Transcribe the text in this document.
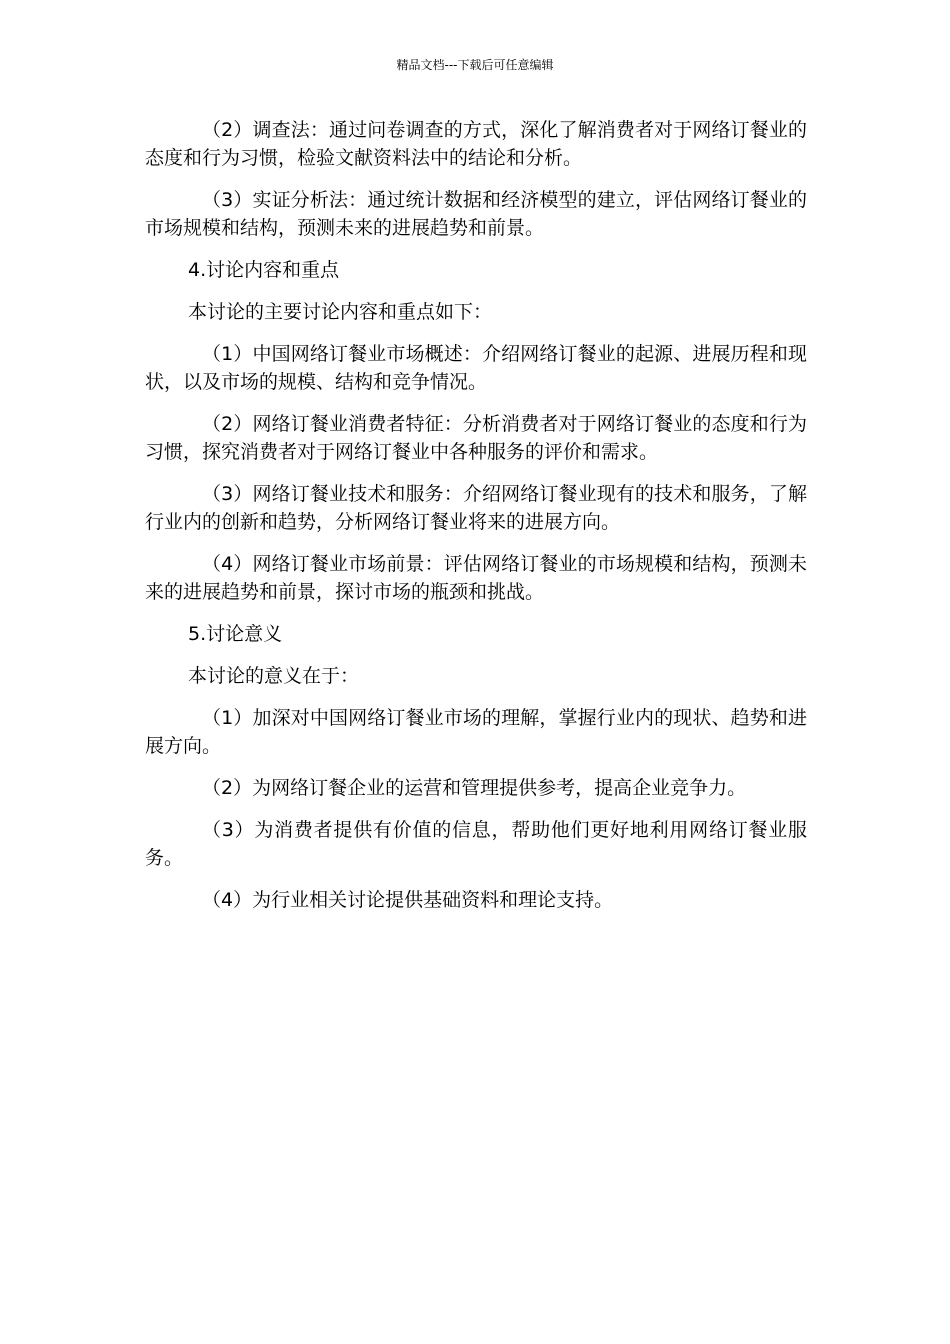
精品文档---下载后可任意编辑

（2）调查法：通过问卷调查的方式，深化了解消费者对于网络订餐业的态度和行为习惯，检验文献资料法中的结论和分析。

（3）实证分析法：通过统计数据和经济模型的建立，评估网络订餐业的市场规模和结构，预测未来的进展趋势和前景。

4.讨论内容和重点

本讨论的主要讨论内容和重点如下：

（1）中国网络订餐业市场概述：介绍网络订餐业的起源、进展历程和现状，以及市场的规模、结构和竞争情况。

（2）网络订餐业消费者特征：分析消费者对于网络订餐业的态度和行为习惯，探究消费者对于网络订餐业中各种服务的评价和需求。

（3）网络订餐业技术和服务：介绍网络订餐业现有的技术和服务，了解行业内的创新和趋势，分析网络订餐业将来的进展方向。

（4）网络订餐业市场前景：评估网络订餐业的市场规模和结构，预测未来的进展趋势和前景，探讨市场的瓶颈和挑战。

5.讨论意义

本讨论的意义在于：

（1）加深对中国网络订餐业市场的理解，掌握行业内的现状、趋势和进展方向。

（2）为网络订餐企业的运营和管理提供参考，提高企业竞争力。

（3）为消费者提供有价值的信息，帮助他们更好地利用网络订餐业服务。

（4）为行业相关讨论提供基础资料和理论支持。
